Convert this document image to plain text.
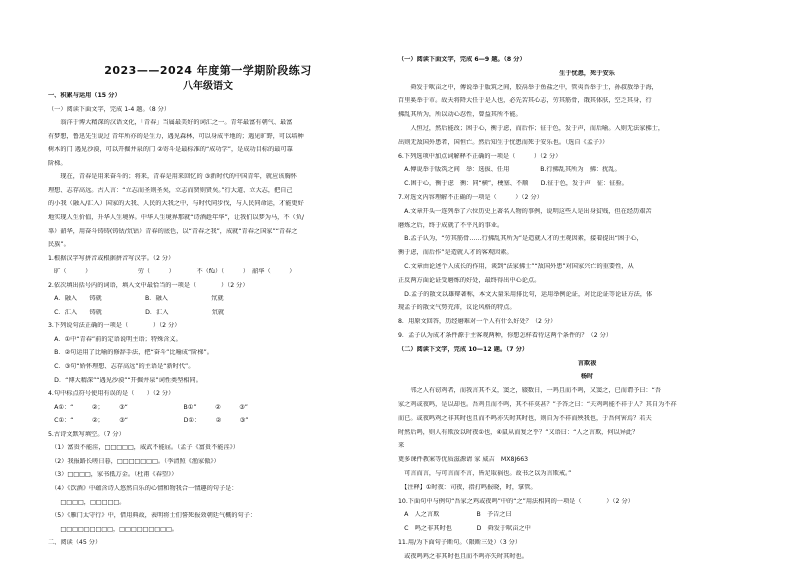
2023——2024 年度第一学期阶段练习
八年级语文
一、积累与运用（15 分）
（一）阅读下面文字，完成 1-4 题。（8 分）
　　翁洋于博大精深的汉语文化，「青春」当属最美好的词汇之一。青年最富有朝气、最富
有梦想，鲁迅先生说过 青年所亦的是生力，遇见森林，可以身成平地的；遇见旷野，可以培种
树木的门 遇见沙漠，可以开掘井泉的门 ②寄斗是最标准的“成功学”，是成功目标的最可靠
阶梯。
　　现在，青春是用来奋斗的；将来，青春是用来回忆的 ③新时代的中国青年，就应该胸怀
理想、志存高远。古人言：“立志而圣则圣矣，立志而贤则贤矣。”行大道、立大志，把自己
的小我（融入/汇入）国家的大我、人民的大我之中，与时代同步伐，与人民同命运，才能更好
地实现人生价值，升华人生境界。中华人生境界那就“诗酒趁年华”，让我们以梦为马，不（负/
辜）韶华，用奋斗铸铸(铸钴/氘钴）青春的底色，以“青春之我”，成就“青春之国家”“青春之
民族”。
1.根据汉字写拼音或根据拼音写汉字。（2 分）
　旷（　　　）　　　　　　　　劳（　　　）　　　　不（fù）（　　　）　韶华（　　　）
2.依次填出括号内的词语，填入文中最恰当的一项是（　　　　）（2 分）
　A．融入　　铸就　　　　　　　B．融入　　　　　　　氘就
　C．汇入　　铸就　　　　　　　D．汇入　　　　　　　氘就
3.下列说句法正确的一项是（　　　　）（2 分）
　A．①中“青春”前的定语说明主语；特殊含义。
　B．②句运用了比喻的修辞手法，把“奋斗”比喻成“阶梯”。
　C．③句“娇怀理想、志存高远”的主语是“新时代”。
　D．“博大精深”“遇见沙漠”“开掘井泉”词性类型相同。
4.句中标点符号使用有误的是（　　）（2 分）
　A①：“　　　②；　　　③“　　　　　　　　　B①”　　　②　　　③”
　C①：“　　　②；　　　③“　　　　　　　　　D①：　　　②　　　③”
5.古诗文默写填空。（7 分）
　（1）富贵不能淫，□□□□□，威武不能屈。（孟子《富贵不能淫》）
　（2）我报路长嗟日暮，□□□□□□□。（李清照《渔家傲》）
　（3）□□□□，家书抵万金。（杜甫《春望》）
　（4）《饮酒》中蕴含诗人悠然自乐的心情和物我合一情趣的句子是：
　　□□□□，□□□□□。
　（5）《雁门太守行》中，借用典故，表明将士们誓死报效朝廷气概的句子：
　　□□□□□□□□□，□□□□□□□□□。
二、阅读（45 分）
（一）阅读下面文字，完成 6—9 题。（8 分）
生于忧患，死于安乐
　　舜发于畎亩之中，傅说举于版筑之间，胶鬲举于鱼盐之中，管夷吾举于士，孙叔敖举于海，
百里奚举于市。故天将降大任于是人也，必先苦其心志，劳其筋骨，饿其体肤，空乏其身，行
拂乱其所为，所以动心忍性，曾益其所不能。
　　人恒过，然后能改；困于心，衡于虑，而后作；征于色，发于声，而后喻。入则无法家拂士，
出则无敌国外患者，国恒亡。然后知生于忧患而死于安乐也。（选自《孟子》）
6.下列选项中加点词解释不正确的一项是（　　　）（2 分）
　A.傅说举于版筑之间　举：选拔、任用　　　　　B.行拂乱其所为　拂：扰乱。
　C.困于心，衡于虑　衡：同“横”，梗塞、不顺　　D.征于色，发于声　征：征验。
7.对选文内容理解不正确的一项是（　　　）（2 分）
　A.文章开头一连列举了六位历史上著名人物的事例，说明这些人是出身贫贱，但在经历艰苦
磨炼之后，终于成就了不平凡的事业。
　B.孟子认为，“劳其筋骨……行拂乱其所为”是造就人才的主观因素，接着提出“困于心，
衡于虑，而后作”是造就人才的客观因素。
　C.文章由论述个人成长的作用，谈到“法家拂士”“敌国外患”对国家兴亡的重要性，从
正反两方面论证受磨炼的好处，最终得出中心论点。
　D.孟子的散文以雄辩著称，本文大量采用排比句，运用举例论证，对比论证等论证方法，体
现孟子的散文气势充沛，议论风格的特点。
8．用原文回答，历经磨难对一个人有什么好处？（2 分）
9．孟子认为成才条件源于主客观两种，你想怎样看待这两个条件的？（2 分）
（二）阅读下文字，完成 10—12 题。（7 分）
言欺祓
杨时
　　邻之人有窃鸡者，而我言其不义，窦之，辍数日，一鸡且而不鸣，又窦之，已而谓予曰：“吾
家之鸡或夜鸣，是以却也。吾鸡且而不鸣，其不祥莫甚？”予答之曰：“夫鸡鸣能不祥于人？其自为不祥
而已。或夜鸣鸡之非其时也且而不鸣亦失时其时也，则自为不祥而殃我也，于吾何害焉？若夫
时然后鸣，则人有欺汝以时夜①也，④鼠从而复之乎？”又语曰：“人之言欺，何以异此？
来
更多课件教案等优质滋源请 家 威吉　MX8J663
　可言而言，与可言而不言，皆足取祸也。故书之以为言欺戒。”
　【注释】①时夜：司夜，指打鸣报晓，时，掌管。
10.下面句中与例句“吾家之鸡或夜鸣”中的“之”用法相同的一项是（　　　　）（2 分）
　A　人之言欺　　　　　　B　予告之曰
　C　鸣之非其时也　　　　D　舜发于畎亩之中
11.用/为下面句子断句。（限断三处）（3 分）
　或夜鸣鸡之非其时也且而不鸣亦失时其时也。
